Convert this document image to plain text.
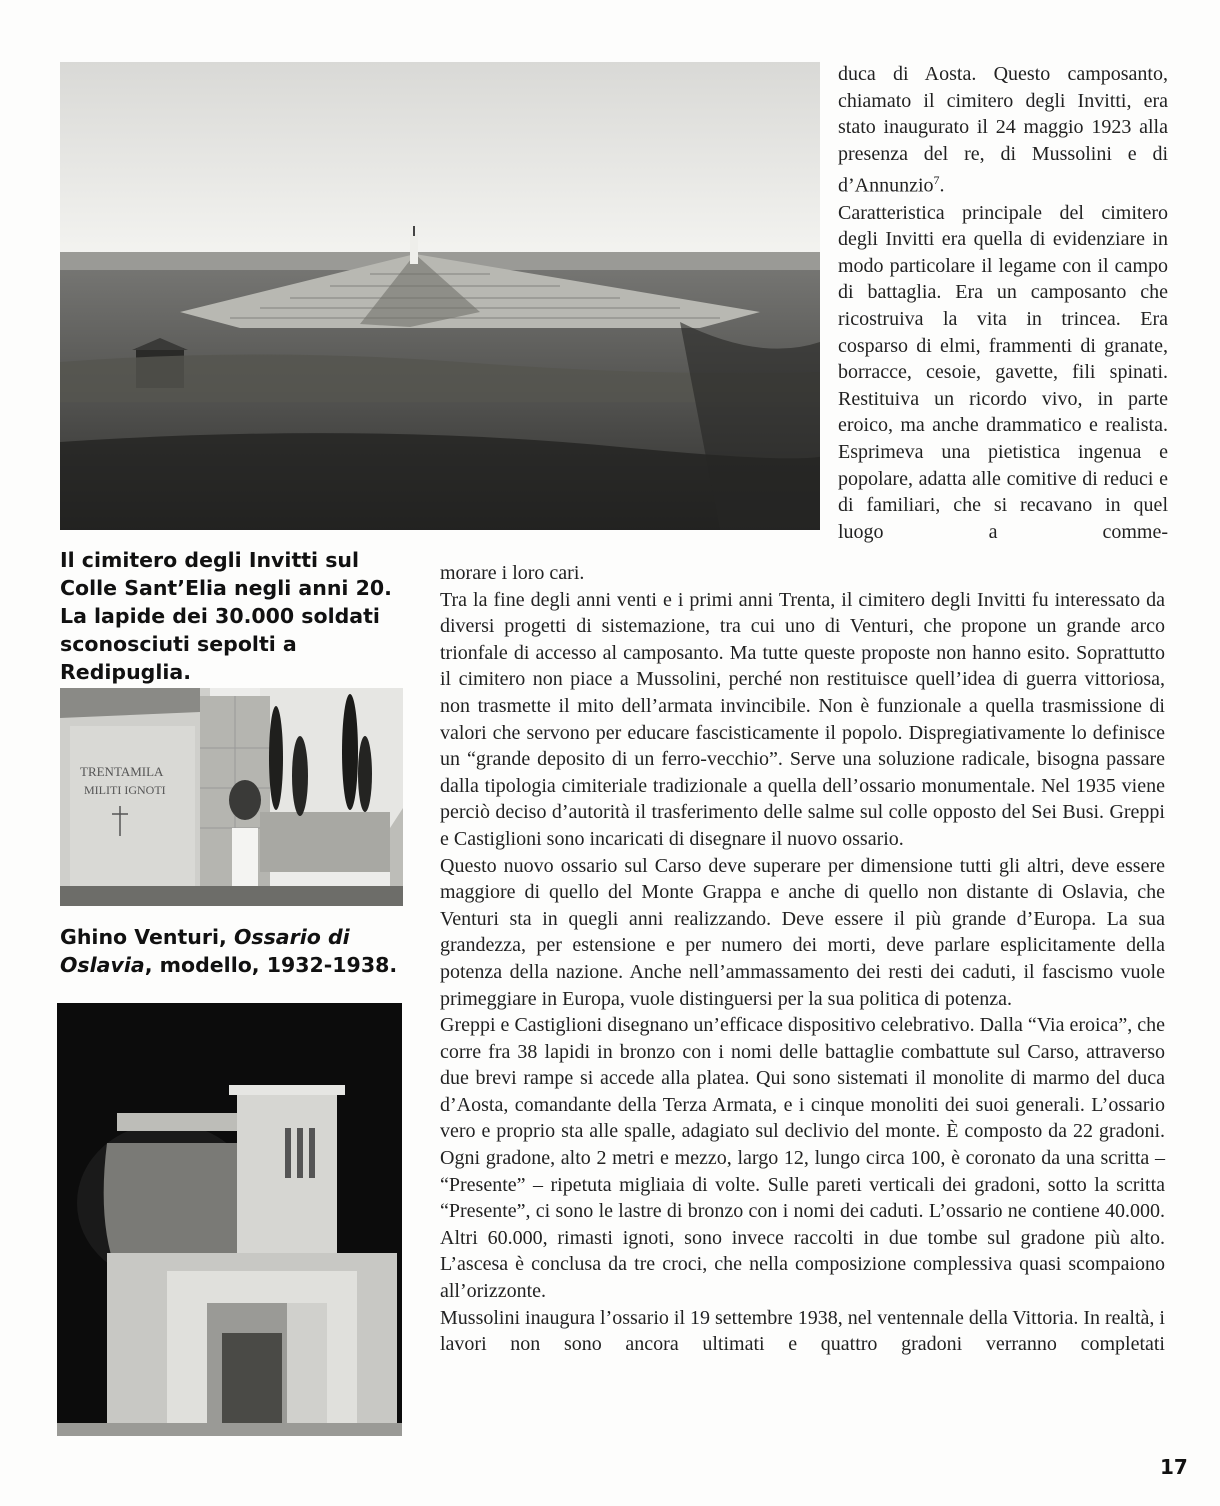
TRENTAMILA
MILITI IGNOTI

Il cimitero degli Invitti sul Colle Sant’Elia negli anni 20.

La lapide dei 30.000 soldati sconosciuti sepolti a Redipuglia.

Ghino Venturi, Ossario di Oslavia, modello, 1932-1938.

duca di Aosta. Questo camposanto, chiamato il cimitero degli Invitti, era stato inaugurato il 24 maggio 1923 alla presenza del re, di Mussolini e di d’Annunzio$^7$.

Caratteristica principale del cimitero degli Invitti era quella di evidenziare in modo particolare il legame con il campo di battaglia. Era un camposanto che ricostruiva la vita in trincea. Era cosparso di elmi, frammenti di granate, borracce, cesoie, gavette, fili spinati. Restituiva un ricordo vivo, in parte eroico, ma anche drammatico e realista. Esprimeva una pietistica ingenua e popolare, adatta alle comitive di reduci e di familiari, che si recavano in quel luogo a comme-

morare i loro cari.

Tra la fine degli anni venti e i primi anni Trenta, il cimitero degli Invitti fu interessato da diversi progetti di sistemazione, tra cui uno di Venturi, che propone un grande arco trionfale di accesso al camposanto. Ma tutte queste proposte non hanno esito. Soprattutto il cimitero non piace a Mussolini, perché non restituisce quell’idea di guerra vittoriosa, non trasmette il mito dell’armata invincibile. Non è funzionale a quella trasmissione di valori che servono per educare fascisticamente il popolo. Dispregiativamente lo definisce un “grande deposito di un ferro-vecchio”. Serve una soluzione radicale, bisogna passare dalla tipologia cimiteriale tradizionale a quella dell’ossario monumentale. Nel 1935 viene perciò deciso d’autorità il trasferimento delle salme sul colle opposto del Sei Busi. Greppi e Castiglioni sono incaricati di disegnare il nuovo ossario.

Questo nuovo ossario sul Carso deve superare per dimensione tutti gli altri, deve essere maggiore di quello del Monte Grappa e anche di quello non distante di Oslavia, che Venturi sta in quegli anni realizzando. Deve essere il più grande d’Europa. La sua grandezza, per estensione e per numero dei morti, deve parlare esplicitamente della potenza della nazione. Anche nell’ammassamento dei resti dei caduti, il fascismo vuole primeggiare in Europa, vuole distinguersi per la sua politica di potenza.

Greppi e Castiglioni disegnano un’efficace dispositivo celebrativo. Dalla “Via eroica”, che corre fra 38 lapidi in bronzo con i nomi delle battaglie combattute sul Carso, attraverso due brevi rampe si accede alla platea. Qui sono sistemati il monolite di marmo del duca d’Aosta, comandante della Terza Armata, e i cinque monoliti dei suoi generali. L’ossario vero e proprio sta alle spalle, adagiato sul declivio del monte. È composto da 22 gradoni. Ogni gradone, alto 2 metri e mezzo, largo 12, lungo circa 100, è coronato da una scritta – “Presente” – ripetuta migliaia di volte. Sulle pareti verticali dei gradoni, sotto la scritta “Presente”, ci sono le lastre di bronzo con i nomi dei caduti. L’ossario ne contiene 40.000. Altri 60.000, rimasti ignoti, sono invece raccolti in due tombe sul gradone più alto. L’ascesa è conclusa da tre croci, che nella composizione complessiva quasi scompaiono all’orizzonte.

Mussolini inaugura l’ossario il 19 settembre 1938, nel ventennale della Vittoria. In realtà, i lavori non sono ancora ultimati e quattro gradoni verranno completati

17
